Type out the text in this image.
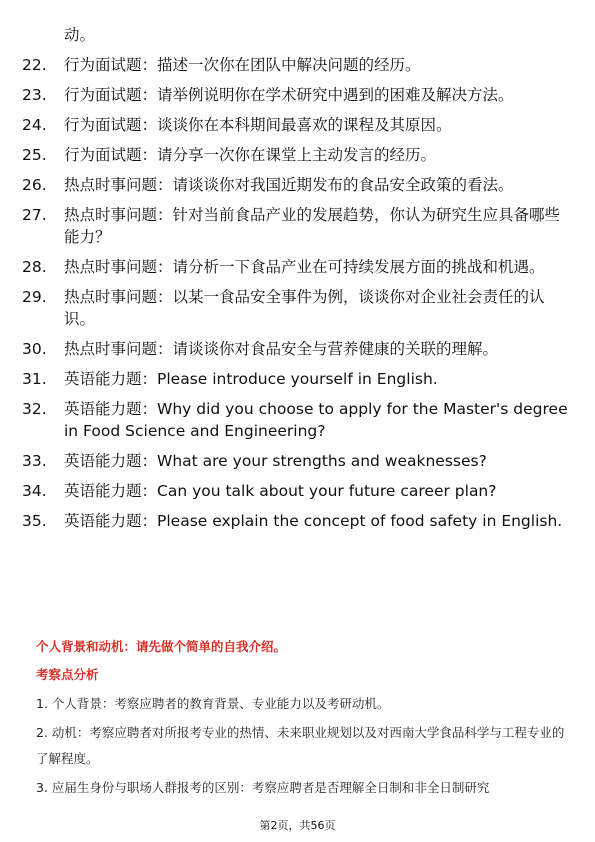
动。
22.	行为面试题：描述一次你在团队中解决问题的经历。
23.	行为面试题：请举例说明你在学术研究中遇到的困难及解决方法。
24.	行为面试题：谈谈你在本科期间最喜欢的课程及其原因。
25.	行为面试题：请分享一次你在课堂上主动发言的经历。
26.	热点时事问题：请谈谈你对我国近期发布的食品安全政策的看法。
27.	热点时事问题：针对当前食品产业的发展趋势，你认为研究生应具备哪些能力？
28.	热点时事问题：请分析一下食品产业在可持续发展方面的挑战和机遇。
29.	热点时事问题：以某一食品安全事件为例，谈谈你对企业社会责任的认识。
30.	热点时事问题：请谈谈你对食品安全与营养健康的关联的理解。
31.	英语能力题：Please introduce yourself in English.
32.	英语能力题：Why did you choose to apply for the Master's degree in Food Science and Engineering?
33.	英语能力题：What are your strengths and weaknesses?
34.	英语能力题：Can you talk about your future career plan?
35.	英语能力题：Please explain the concept of food safety in English.
个人背景和动机：请先做个简单的自我介绍。
考察点分析
1. 个人背景：考察应聘者的教育背景、专业能力以及考研动机。
2. 动机：考察应聘者对所报考专业的热情、未来职业规划以及对西南大学食品科学与工程专业的了解程度。
3. 应届生身份与职场人群报考的区别：考察应聘者是否理解全日制和非全日制研究
第2页，共56页
